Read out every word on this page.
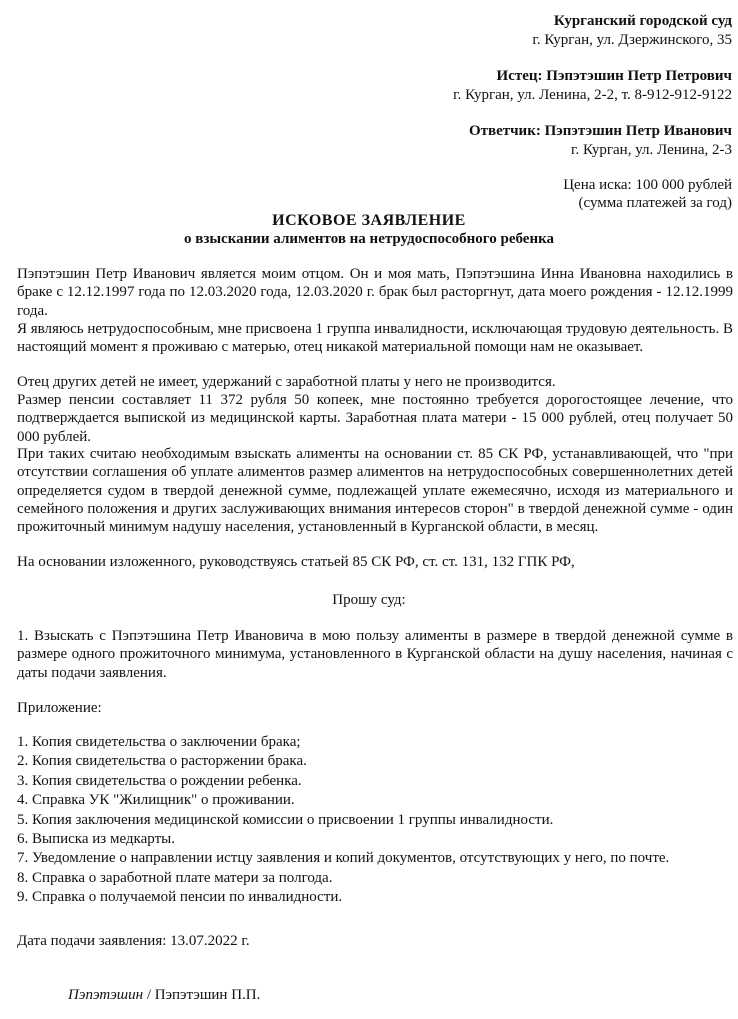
Курганский городской суд
г. Курган, ул. Дзержинского, 35
Истец: Пэпэтэшин Петр Петрович
г. Курган, ул. Ленина, 2-2, т. 8-912-912-9122
Ответчик: Пэпэтэшин Петр Иванович
г. Курган, ул. Ленина, 2-3
Цена иска: 100 000 рублей
(сумма платежей за год)
ИСКОВОЕ ЗАЯВЛЕНИЕ
о взыскании алиментов на нетрудоспособного ребенка
Пэпэтэшин Петр Иванович является моим отцом. Он и моя мать, Пэпэтэшина Инна Ивановна находились в браке с 12.12.1997 года по 12.03.2020 года, 12.03.2020 г. брак был расторгнут, дата моего рождения - 12.12.1999 года.
Я являюсь нетрудоспособным, мне присвоена 1 группа инвалидности, исключающая трудовую деятельность. В настоящий момент я проживаю с матерью, отец никакой материальной помощи нам не оказывает.
Отец других детей не имеет, удержаний с заработной платы у него не производится.
Размер пенсии составляет 11 372 рубля 50 копеек, мне постоянно требуется дорогостоящее лечение, что подтверждается выпиской из медицинской карты. Заработная плата матери - 15 000 рублей, отец получает 50 000 рублей.
При таких считаю необходимым взыскать алименты на основании ст. 85 СК РФ, устанавливающей, что "при отсутствии соглашения об уплате алиментов размер алиментов на нетрудоспособных совершеннолетних детей определяется судом в твердой денежной сумме, подлежащей уплате ежемесячно, исходя из материального и семейного положения и других заслуживающих внимания интересов сторон" в твердой денежной сумме - один прожиточный минимум надушу населения, установленный в Курганской области, в месяц.
На основании изложенного, руководствуясь статьей 85 СК РФ, ст. ст. 131, 132 ГПК РФ,
Прошу суд:
1. Взыскать с Пэпэтэшина Петр Ивановича в мою пользу алименты в размере в твердой денежной сумме в размере одного прожиточного минимума, установленного в Курганской области на душу населения, начиная с даты подачи заявления.
Приложение:
1. Копия свидетельства о заключении брака;
2. Копия свидетельства о расторжении брака.
3. Копия свидетельства о рождении ребенка.
4. Справка УК "Жилищник" о проживании.
5. Копия заключения медицинской комиссии о присвоении 1 группы инвалидности.
6. Выписка из медкарты.
7. Уведомление о направлении истцу заявления и копий документов, отсутствующих у него, по почте.
8. Справка о заработной плате матери за полгода.
9. Справка о получаемой пенсии по инвалидности.
Дата подачи заявления: 13.07.2022 г.
Пэпэтэшин / Пэпэтэшин П.П.
